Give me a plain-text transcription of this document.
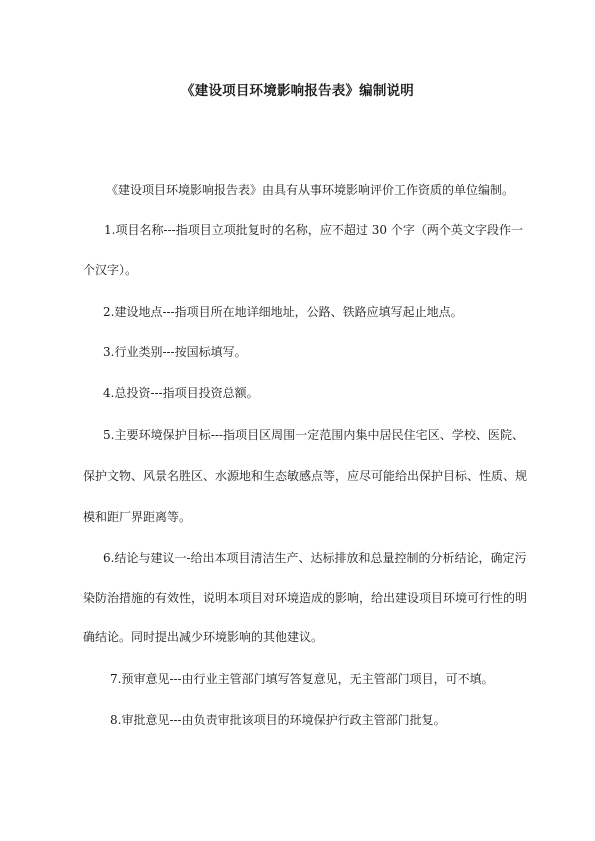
《建设项目环境影响报告表》编制说明
《建设项目环境影响报告表》由具有从事环境影响评价工作资质的单位编制。
1.项目名称---指项目立项批复时的名称，应不超过 30 个字（两个英文字段作一
个汉字）。
2.建设地点---指项目所在地详细地址，公路、铁路应填写起止地点。
3.行业类别---按国标填写。
4.总投资---指项目投资总额。
5.主要环境保护目标---指项目区周围一定范围内集中居民住宅区、学校、医院、
保护文物、风景名胜区、水源地和生态敏感点等，应尽可能给出保护目标、性质、规
模和距厂界距离等。
6.结论与建议一-给出本项目清洁生产、达标排放和总量控制的分析结论，确定污
染防治措施的有效性，说明本项目对环境造成的影响，给出建设项目环境可行性的明
确结论。同时提出减少环境影响的其他建议。
7.预审意见---由行业主管部门填写答复意见，无主管部门项目，可不填。
8.审批意见---由负责审批该项目的环境保护行政主管部门批复。
